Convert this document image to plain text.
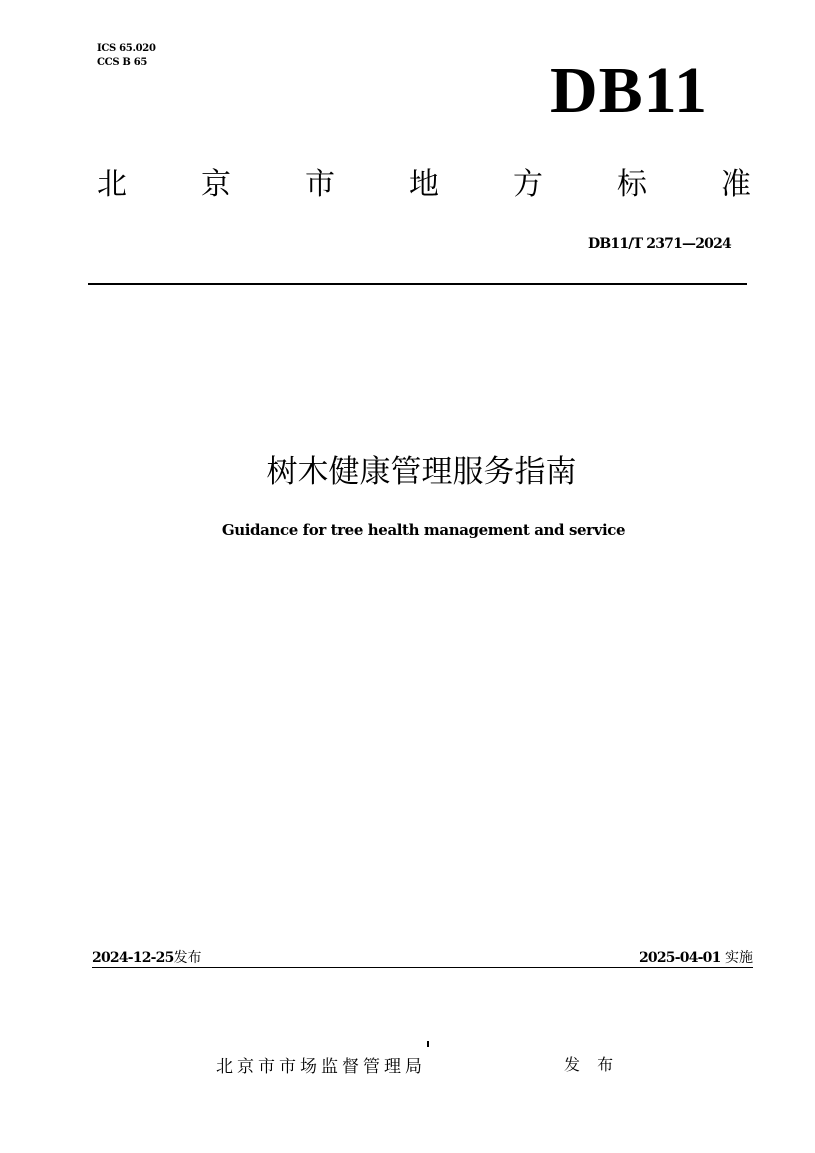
ICS 65.020
CCS B 65	DB11
北 京 市 地 方 标 准
DB11/T 2371—2024
树木健康管理服务指南
Guidance for tree health management and service
2024-12-25发布	2025-04-01 实施
北京市市场监督管理局	发 布
